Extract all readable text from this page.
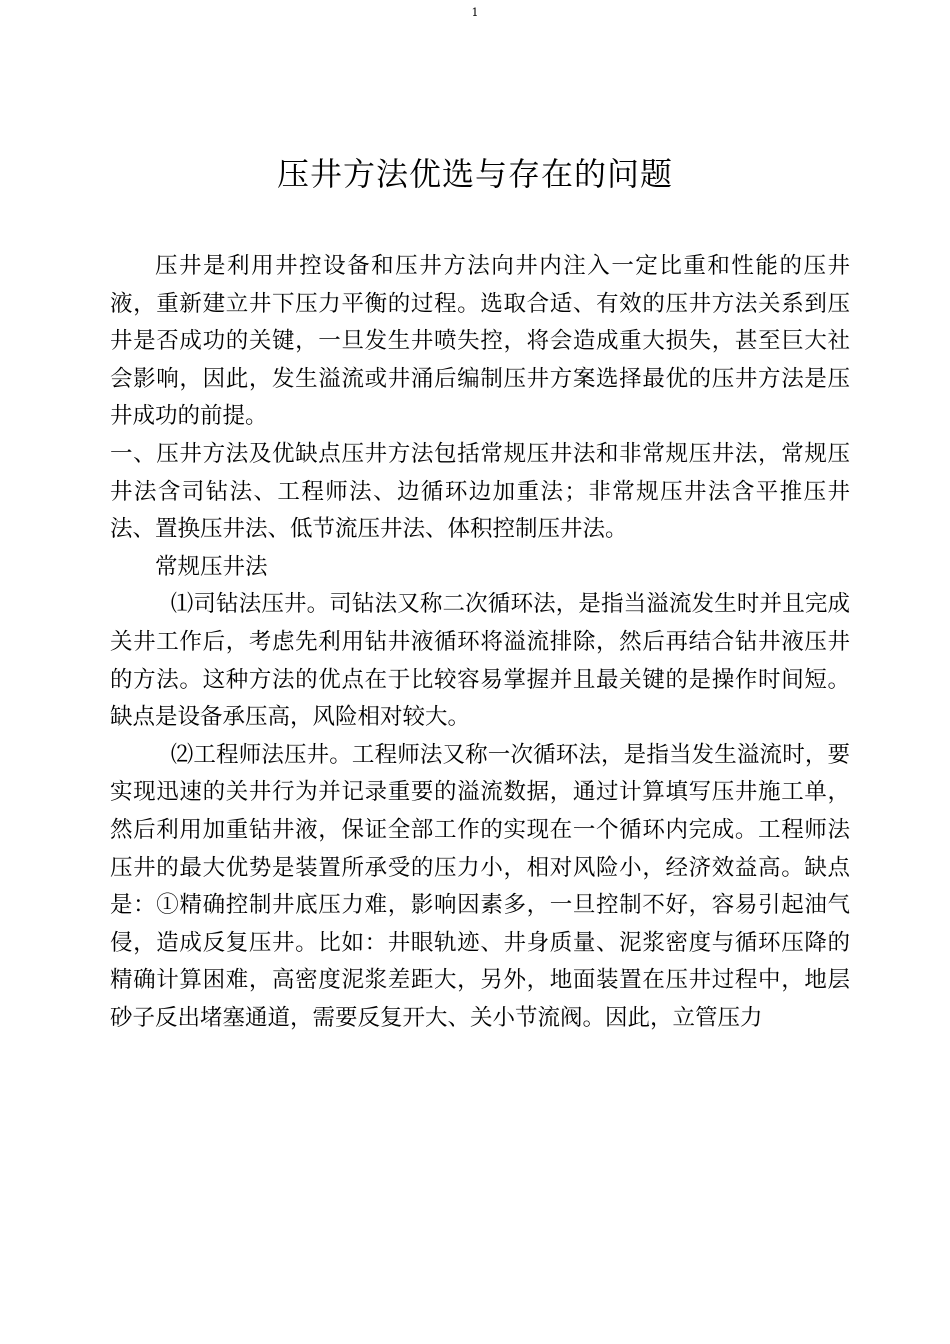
1
压井方法优选与存在的问题

压井是利用井控设备和压井方法向井内注入一定比重和性能的压井液，重新建立井下压力平衡的过程。选取合适、有效的压井方法关系到压井是否成功的关键，一旦发生井喷失控，将会造成重大损失，甚至巨大社会影响，因此，发生溢流或井涌后编制压井方案选择最优的压井方法是压井成功的前提。

一、压井方法及优缺点压井方法包括常规压井法和非常规压井法，常规压井法含司钻法、工程师法、边循环边加重法；非常规压井法含平推压井法、置换压井法、低节流压井法、体积控制压井法。

常规压井法

⑴司钻法压井。司钻法又称二次循环法，是指当溢流发生时并且完成关井工作后，考虑先利用钻井液循环将溢流排除，然后再结合钻井液压井的方法。这种方法的优点在于比较容易掌握并且最关键的是操作时间短。缺点是设备承压高，风险相对较大。

⑵工程师法压井。工程师法又称一次循环法，是指当发生溢流时，要实现迅速的关井行为并记录重要的溢流数据，通过计算填写压井施工单，然后利用加重钻井液，保证全部工作的实现在一个循环内完成。工程师法压井的最大优势是装置所承受的压力小，相对风险小，经济效益高。缺点是：①精确控制井底压力难，影响因素多，一旦控制不好，容易引起油气侵，造成反复压井。比如：井眼轨迹、井身质量、泥浆密度与循环压降的精确计算困难，高密度泥浆差距大，另外，地面装置在压井过程中，地层砂子反出堵塞通道，需要反复开大、关小节流阀。因此，立管压力
